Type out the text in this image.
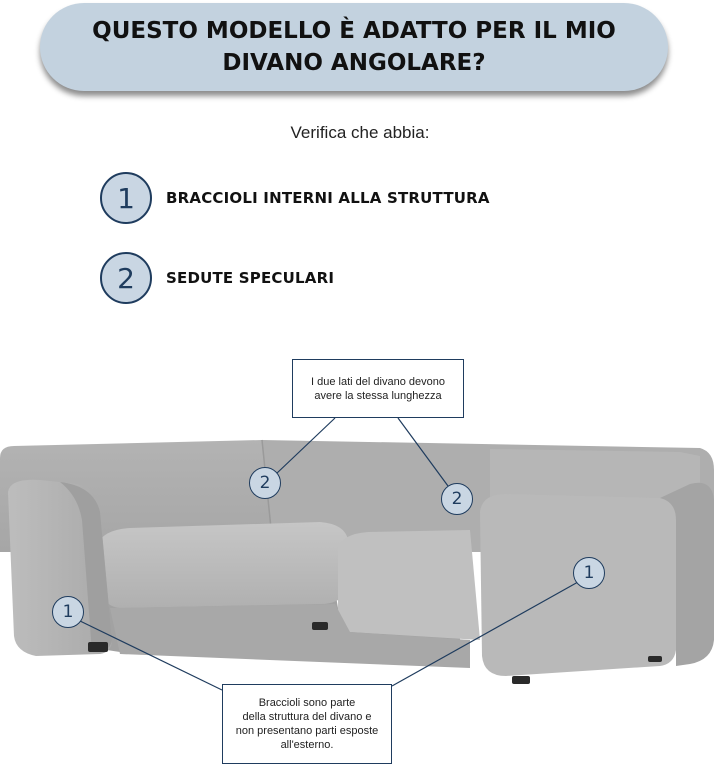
QUESTO MODELLO È ADATTO PER IL MIO DIVANO ANGOLARE?
Verifica che abbia:
1	BRACCIOLI INTERNI ALLA STRUTTURA
2	SEDUTE SPECULARI
I due lati del divano devono
avere la stessa lunghezza
Braccioli sono parte
della struttura del divano e
non presentano parti esposte
all'esterno.
2
2
1
1
